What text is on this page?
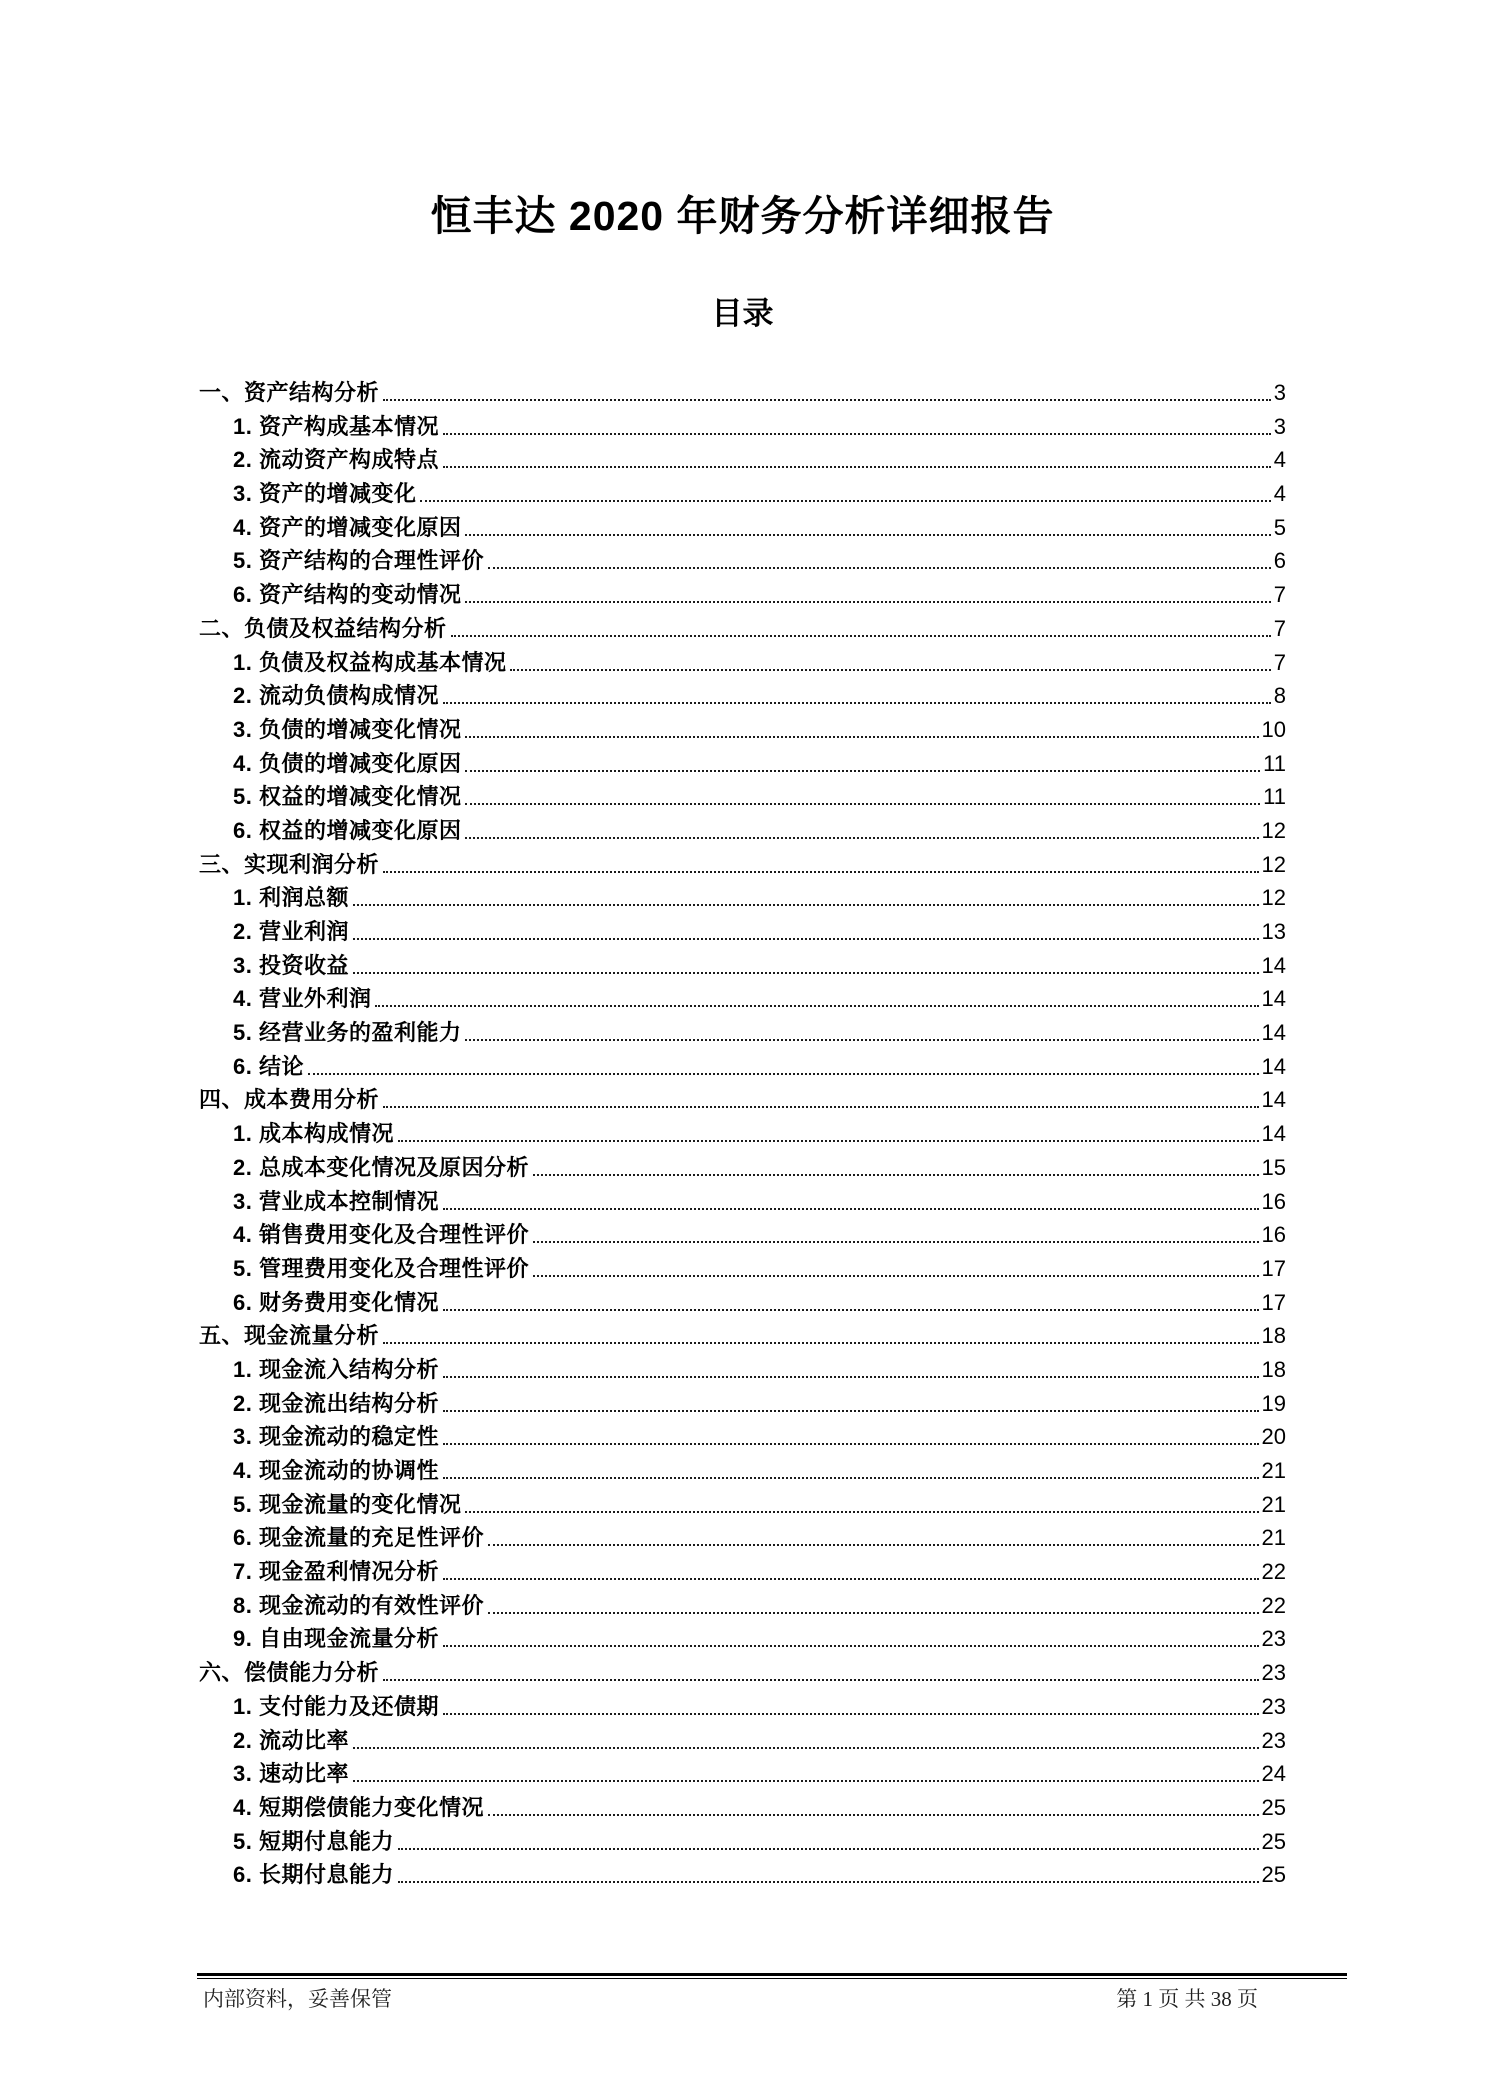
恒丰达 2020 年财务分析详细报告
目录
一、资产结构分析	3
1. 资产构成基本情况	3
2. 流动资产构成特点	4
3. 资产的增减变化	4
4. 资产的增减变化原因	5
5. 资产结构的合理性评价	6
6. 资产结构的变动情况	7
二、负债及权益结构分析	7
1. 负债及权益构成基本情况	7
2. 流动负债构成情况	8
3. 负债的增减变化情况	10
4. 负债的增减变化原因	11
5. 权益的增减变化情况	11
6. 权益的增减变化原因	12
三、实现利润分析	12
1. 利润总额	12
2. 营业利润	13
3. 投资收益	14
4. 营业外利润	14
5. 经营业务的盈利能力	14
6. 结论	14
四、成本费用分析	14
1. 成本构成情况	14
2. 总成本变化情况及原因分析	15
3. 营业成本控制情况	16
4. 销售费用变化及合理性评价	16
5. 管理费用变化及合理性评价	17
6. 财务费用变化情况	17
五、现金流量分析	18
1. 现金流入结构分析	18
2. 现金流出结构分析	19
3. 现金流动的稳定性	20
4. 现金流动的协调性	21
5. 现金流量的变化情况	21
6. 现金流量的充足性评价	21
7. 现金盈利情况分析	22
8. 现金流动的有效性评价	22
9. 自由现金流量分析	23
六、偿债能力分析	23
1. 支付能力及还债期	23
2. 流动比率	23
3. 速动比率	24
4. 短期偿债能力变化情况	25
5. 短期付息能力	25
6. 长期付息能力	25
内部资料，妥善保管	第 1 页 共 38 页
